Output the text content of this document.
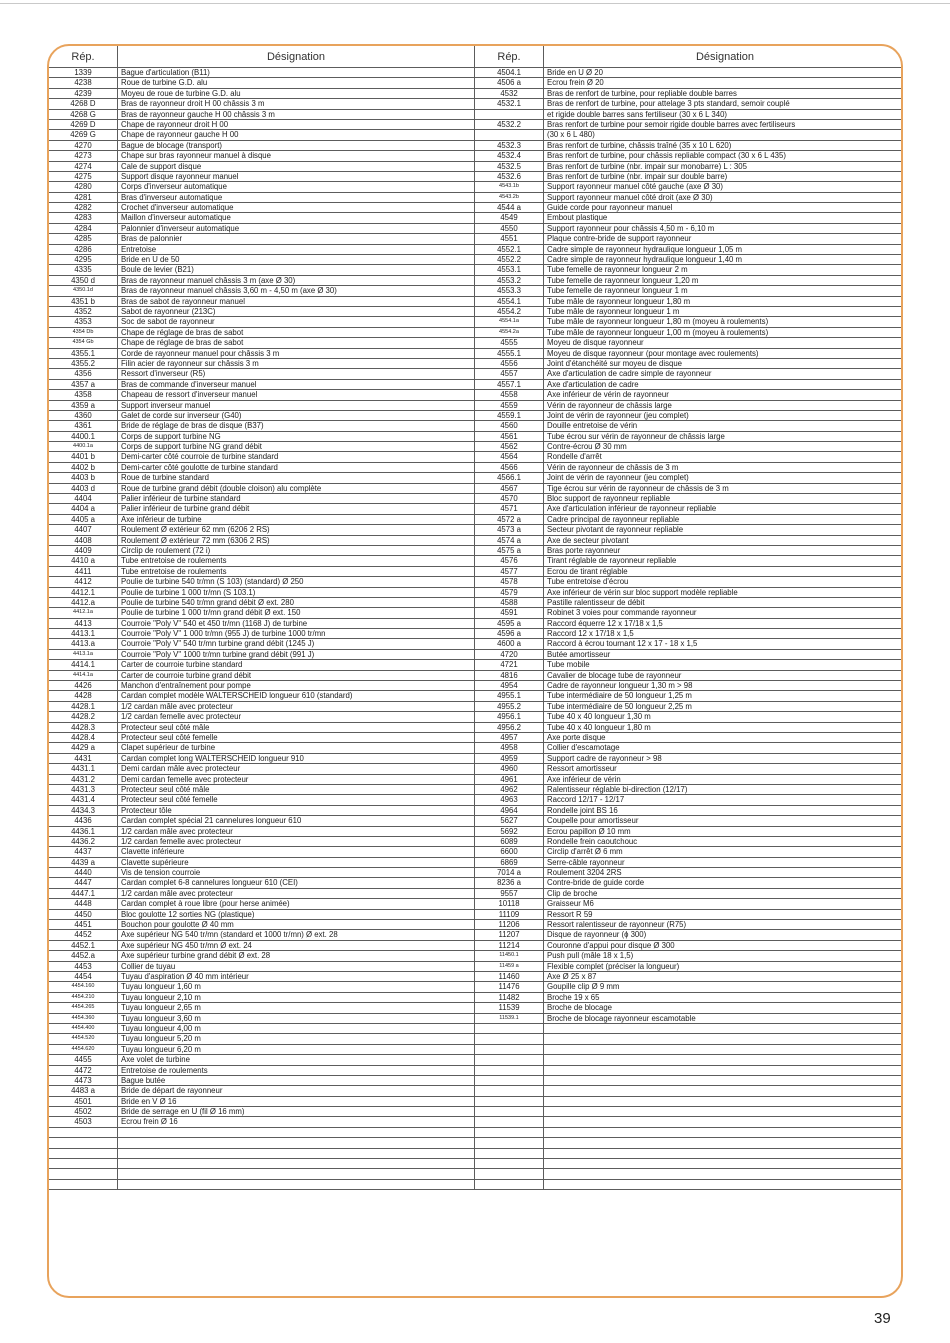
Rép.	Désignation
1339	Bague d'articulation (B11)
4238	Roue de turbine G.D. alu
4239	Moyeu de roue de turbine G.D. alu
4268 D	Bras de rayonneur droit H 00 châssis 3 m
4268 G	Bras de rayonneur gauche H 00 châssis 3 m
4269 D	Chape de rayonneur droit H 00
4269 G	Chape de rayonneur gauche H 00
4270	Bague de blocage (transport)
4273	Chape sur bras rayonneur manuel à disque
4274	Cale de support disque
4275	Support disque rayonneur manuel
4280	Corps d'inverseur automatique
4281	Bras d'inverseur automatique
4282	Crochet d'inverseur automatique
4283	Maillon d'inverseur automatique
4284	Palonnier d'inverseur automatique
4285	Bras de palonnier
4286	Entretoise
4295	Bride en U de 50
4335	Boule de levier (B21)
4350 d	Bras de rayonneur manuel châssis 3 m (axe Ø 30)
4350.1d	Bras de rayonneur manuel châssis 3,60 m - 4,50 m (axe Ø 30)
4351 b	Bras de sabot de rayonneur manuel
4352	Sabot de rayonneur (213C)
4353	Soc de sabot de rayonneur
4354 Db	Chape de réglage de bras de sabot
4354 Gb	Chape de réglage de bras de sabot
4355.1	Corde de rayonneur manuel pour châssis 3 m
4355.2	Filin acier de rayonneur sur châssis 3 m
4356	Ressort d'inverseur (R5)
4357 a	Bras de commande d'inverseur manuel
4358	Chapeau de ressort d'inverseur manuel
4359 a	Support inverseur manuel
4360	Galet de corde sur inverseur (G40)
4361	Bride de réglage de bras de disque (B37)
4400.1	Corps de support turbine NG
4400.1a	Corps de support turbine NG grand débit
4401 b	Demi-carter côté courroie de turbine standard
4402 b	Demi-carter côté goulotte de turbine standard
4403 b	Roue de turbine standard
4403 d	Roue de turbine grand débit (double cloison) alu complète
4404	Palier inférieur de turbine standard
4404 a	Palier inférieur de turbine grand débit
4405 a	Axe inférieur de turbine
4407	Roulement Ø extérieur 62 mm (6206 2 RS)
4408	Roulement Ø extérieur 72 mm (6306 2 RS)
4409	Circlip de roulement (72 i)
4410 a	Tube entretoise de roulements
4411	Tube entretoise de roulements
4412	Poulie de turbine 540 tr/mn (S 103) (standard) Ø 250
4412.1	Poulie de turbine 1 000 tr/mn (S 103.1)
4412.a	Poulie de turbine 540 tr/mn grand débit Ø ext. 280
4412.1a	Poulie de turbine 1 000 tr/mn grand débit Ø ext. 150
4413	Courroie "Poly V" 540 et 450 tr/mn (1168 J) de turbine
4413.1	Courroie "Poly V" 1 000 tr/mn (955 J) de turbine 1000 tr/mn
4413.a	Courroie "Poly V" 540 tr/mn turbine grand débit (1245 J)
4413.1a	Courroie "Poly V" 1000 tr/mn turbine grand débit (991 J)
4414.1	Carter de courroie turbine standard
4414.1a	Carter de courroie turbine grand débit
4426	Manchon d'entraînement pour pompe
4428	Cardan complet modèle WALTERSCHEID longueur 610 (standard)
4428.1	1/2 cardan mâle avec protecteur
4428.2	1/2 cardan femelle avec protecteur
4428.3	Protecteur seul côté mâle
4428.4	Protecteur seul côté femelle
4429 a	Clapet supérieur de turbine
4431	Cardan complet long WALTERSCHEID longueur 910
4431.1	Demi cardan mâle avec protecteur
4431.2	Demi cardan femelle avec protecteur
4431.3	Protecteur seul côté mâle
4431.4	Protecteur seul côté femelle
4434.3	Protecteur tôle
4436	Cardan complet spécial 21 cannelures longueur 610
4436.1	1/2 cardan mâle avec protecteur
4436.2	1/2 cardan femelle avec protecteur
4437	Clavette inférieure
4439 a	Clavette supérieure
4440	Vis de tension courroie
4447	Cardan complet 6-8 cannelures longueur 610 (CEI)
4447.1	1/2 cardan mâle avec protecteur
4448	Cardan complet à roue libre (pour herse animée)
4450	Bloc goulotte 12 sorties NG (plastique)
4451	Bouchon pour goulotte Ø 40 mm
4452	Axe supérieur NG 540 tr/mn (standard et 1000 tr/mn) Ø ext. 28
4452.1	Axe supérieur NG 450 tr/mn Ø ext. 24
4452.a	Axe supérieur turbine grand débit Ø ext. 28
4453	Collier de tuyau
4454	Tuyau d'aspiration Ø 40 mm intérieur
4454.160	Tuyau longueur 1,60 m
4454.210	Tuyau longueur 2,10 m
4454.265	Tuyau longueur 2,65 m
4454.360	Tuyau longueur 3,60 m
4454.400	Tuyau longueur 4,00 m
4454.520	Tuyau longueur 5,20 m
4454.620	Tuyau longueur 6,20 m
4455	Axe volet de turbine
4472	Entretoise de roulements
4473	Bague butée
4483 a	Bride de départ de rayonneur
4501	Bride en V Ø 16
4502	Bride de serrage en U (fil Ø 16 mm)
4503	Ecrou frein Ø 16
Rép.	Désignation
4504.1	Bride en U Ø 20
4506 a	Ecrou frein Ø 20
4532	Bras de renfort de turbine, pour repliable double barres
4532.1	Bras de renfort de turbine, pour attelage 3 pts standard, semoir couplé
et rigide double barres sans fertiliseur (30 x 6 L 340)
4532.2	Bras renfort de turbine pour semoir rigide double barres avec fertiliseurs
(30 x 6 L 480)
4532.3	Bras renfort de turbine, châssis traîné (35 x 10 L 620)
4532.4	Bras renfort de turbine, pour châssis repliable compact (30 x 6 L 435)
4532.5	Bras renfort de turbine (nbr. impair sur monobarre) L : 305
4532.6	Bras renfort de turbine (nbr. impair sur double barre)
4543.1b	Support rayonneur manuel côté gauche (axe Ø 30)
4543.2b	Support rayonneur manuel côté droit (axe Ø 30)
4544 a	Guide corde pour rayonneur manuel
4549	Embout plastique
4550	Support rayonneur pour châssis 4,50 m - 6,10 m
4551	Plaque contre-bride de support rayonneur
4552.1	Cadre simple de rayonneur hydraulique longueur 1,05 m
4552.2	Cadre simple de rayonneur hydraulique longueur 1,40 m
4553.1	Tube femelle de rayonneur longueur 2 m
4553.2	Tube femelle de rayonneur longueur 1,20 m
4553.3	Tube femelle de rayonneur longueur 1 m
4554.1	Tube mâle de rayonneur longueur 1,80 m
4554.2	Tube mâle de rayonneur longueur 1 m
4554.1a	Tube mâle de rayonneur longueur 1,80 m (moyeu à roulements)
4554.2a	Tube mâle de rayonneur longueur 1,00 m (moyeu à roulements)
4555	Moyeu de disque rayonneur
4555.1	Moyeu de disque rayonneur (pour montage avec roulements)
4556	Joint d'étanchéité sur moyeu de disque
4557	Axe d'articulation de cadre simple de rayonneur
4557.1	Axe d'articulation de cadre
4558	Axe inférieur de vérin de rayonneur
4559	Vérin de rayonneur de châssis large
4559.1	Joint de vérin de rayonneur (jeu complet)
4560	Douille entretoise de vérin
4561	Tube écrou sur vérin de rayonneur de châssis large
4562	Contre-écrou Ø 30 mm
4564	Rondelle d'arrêt
4566	Vérin de rayonneur de châssis de 3 m
4566.1	Joint de vérin de rayonneur (jeu complet)
4567	Tige écrou sur vérin de rayonneur de châssis de 3 m
4570	Bloc support de rayonneur repliable
4571	Axe d'articulation inférieur de rayonneur repliable
4572 a	Cadre principal de rayonneur repliable
4573 a	Secteur pivotant de rayonneur repliable
4574 a	Axe de secteur pivotant
4575 a	Bras porte rayonneur
4576	Tirant réglable de rayonneur repliable
4577	Ecrou de tirant réglable
4578	Tube entretoise d'écrou
4579	Axe inférieur de vérin sur bloc support modèle repliable
4588	Pastille ralentisseur de débit
4591	Robinet 3 voies pour commande rayonneur
4595 a	Raccord équerre 12 x 17/18 x 1,5
4596 a	Raccord 12 x 17/18 x 1,5
4600 a	Raccord à écrou tournant 12 x 17 - 18 x 1,5
4720	Butée amortisseur
4721	Tube mobile
4816	Cavalier de blocage tube de rayonneur
4954	Cadre de rayonneur longueur 1,30 m > 98
4955.1	Tube intermédiaire de 50 longueur 1,25 m
4955.2	Tube intermédiaire de 50 longueur 2,25 m
4956.1	Tube 40 x 40 longueur 1,30 m
4956.2	Tube 40 x 40 longueur 1,80 m
4957	Axe porte disque
4958	Collier d'escamotage
4959	Support cadre de rayonneur > 98
4960	Ressort amortisseur
4961	Axe inférieur de vérin
4962	Ralentisseur réglable bi-direction (12/17)
4963	Raccord 12/17 - 12/17
4964	Rondelle joint BS 16
5627	Coupelle pour amortisseur
5692	Ecrou papillon Ø 10 mm
6089	Rondelle frein caoutchouc
6600	Circlip d'arrêt Ø 6 mm
6869	Serre-câble rayonneur
7014 a	Roulement 3204 2RS
8236 a	Contre-bride de guide corde
9557	Clip de broche
10118	Graisseur M6
11109	Ressort R 59
11206	Ressort ralentisseur de rayonneur (R75)
11207	Disque de rayonneur (ɸ 300)
11214	Couronne d'appui pour disque Ø 300
11450.1	Push pull (mâle 18 x 1,5)
11459 a	Flexible complet (préciser la longueur)
11460	Axe Ø 25 x 87
11476	Goupille clip Ø 9 mm
11482	Broche 19 x 65
11539	Broche de blocage
11539.1	Broche de blocage rayonneur escamotable
39
